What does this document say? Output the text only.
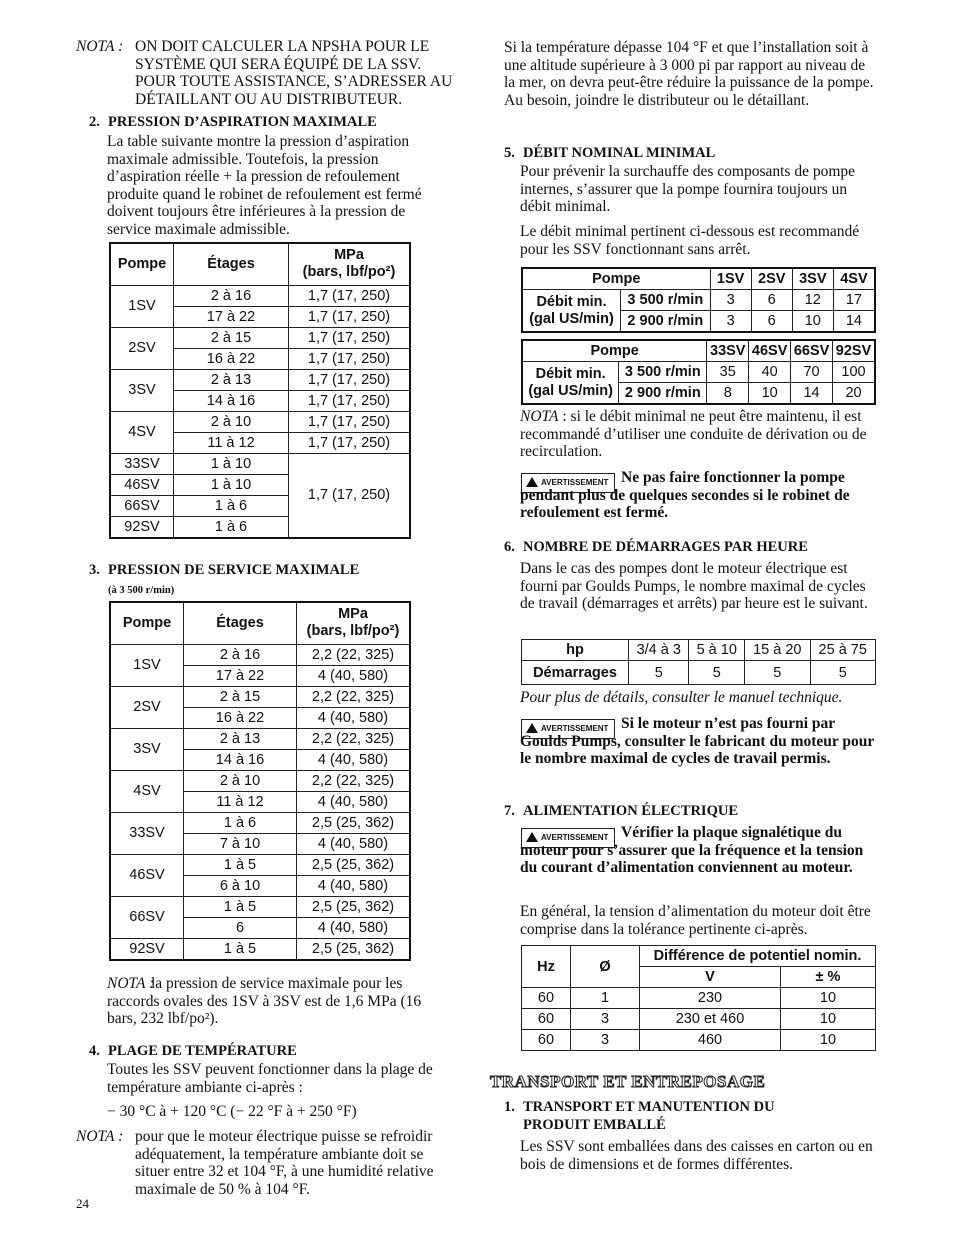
NOTA : ON DOIT CALCULER LA NPSHA POUR LE SYSTÈME QUI SERA ÉQUIPÉ DE LA SSV. POUR TOUTE ASSISTANCE, S’ADRESSER AU DÉTAILLANT OU AU DISTRIBUTEUR.
2. PRESSION D’ASPIRATION MAXIMALE
La table suivante montre la pression d’aspiration maximale admissible. Toutefois, la pression d’aspiration réelle + la pression de refoulement produite quand le robinet de refoulement est fermé doivent toujours être inférieures à la pression de service maximale admissible.
Pompe	Étages	MPa
(bars, lbf/po²)
1SV	2 à 16	1,7 (17, 250)
	17 à 22	1,7 (17, 250)
2SV	2 à 15	1,7 (17, 250)
	16 à 22	1,7 (17, 250)
3SV	2 à 13	1,7 (17, 250)
	14 à 16	1,7 (17, 250)
4SV	2 à 10	1,7 (17, 250)
	11 à 12	1,7 (17, 250)
33SV	1 à 10	1,7 (17, 250)
46SV	1 à 10	
66SV	1 à 6	
92SV	1 à 6	
3. PRESSION DE SERVICE MAXIMALE
(à 3 500 r/min)
Pompe	Étages	MPa
(bars, lbf/po²)
1SV	2 à 16	2,2 (22, 325)
	17 à 22	4 (40, 580)
2SV	2 à 15	2,2 (22, 325)
	16 à 22	4 (40, 580)
3SV	2 à 13	2,2 (22, 325)
	14 à 16	4 (40, 580)
4SV	2 à 10	2,2 (22, 325)
	11 à 12	4 (40, 580)
33SV	1 à 6	2,5 (25, 362)
	7 à 10	4 (40, 580)
46SV	1 à 5	2,5 (25, 362)
	6 à 10	4 (40, 580)
66SV	1 à 5	2,5 (25, 362)
	6	4 (40, 580)
92SV	1 à 5	2,5 (25, 362)
NOTA :
la pression de service maximale pour les raccords ovales des 1SV à 3SV est de 1,6 MPa (16 bars, 232 lbf/po²).
4. PLAGE DE TEMPÉRATURE
Toutes les SSV peuvent fonctionner dans la plage de température ambiante ci-après :
− 30 °C à + 120 °C (− 22 °F à + 250 °F)
NOTA : pour que le moteur électrique puisse se refroidir adéquatement, la température ambiante doit se situer entre 32 et 104 °F, à une humidité relative maximale de 50 % à 104 °F.
24
Si la température dépasse 104 °F et que l’installation soit à une altitude supérieure à 3 000 pi par rapport au niveau de la mer, on devra peut-être réduire la puissance de la pompe. Au besoin, joindre le distributeur ou le détaillant.
5. DÉBIT NOMINAL MINIMAL
Pour prévenir la surchauffe des composants de pompe internes, s’assurer que la pompe fournira toujours un débit minimal.
Le débit minimal pertinent ci-dessous est recommandé pour les SSV fonctionnant sans arrêt.
Pompe		1SV	2SV	3SV	4SV
Débit min.
(gal US/min)	3 500 r/min	3	6	12	17
	2 900 r/min	3	6	10	14
Pompe		33SV	46SV	66SV	92SV
Débit min.
(gal US/min)	3 500 r/min	35	40	70	100
	2 900 r/min	8	10	14	20
NOTA : si le débit minimal ne peut être maintenu, il est recommandé d’utiliser une conduite de dérivation ou de recirculation.
AVERTISSEMENT Ne pas faire fonctionner la pompe pendant plus de quelques secondes si le robinet de refoulement est fermé.
6. NOMBRE DE DÉMARRAGES PAR HEURE
Dans le cas des pompes dont le moteur électrique est fourni par Goulds Pumps, le nombre maximal de cycles de travail (démarrages et arrêts) par heure est le suivant.
hp	3/4 à 3	5 à 10	15 à 20	25 à 75
Démarrages	5	5	5	5
Pour plus de détails, consulter le manuel technique.
AVERTISSEMENT Si le moteur n’est pas fourni par Goulds Pumps, consulter le fabricant du moteur pour le nombre maximal de cycles de travail permis.
7. ALIMENTATION ÉLECTRIQUE
AVERTISSEMENT Vérifier la plaque signalétique du moteur pour s’assurer que la fréquence et la tension du courant d’alimentation conviennent au moteur.
En général, la tension d’alimentation du moteur doit être comprise dans la tolérance pertinente ci-après.
Hz	Ø	Différence de potentiel nomin.	
		V	± %
60	1	230	10
60	3	230 et 460	10
60	3	460	10
TRANSPORT ET ENTREPOSAGE
1. TRANSPORT ET MANUTENTION DU PRODUIT EMBALLÉ
Les SSV sont emballées dans des caisses en carton ou en bois de dimensions et de formes différentes.
